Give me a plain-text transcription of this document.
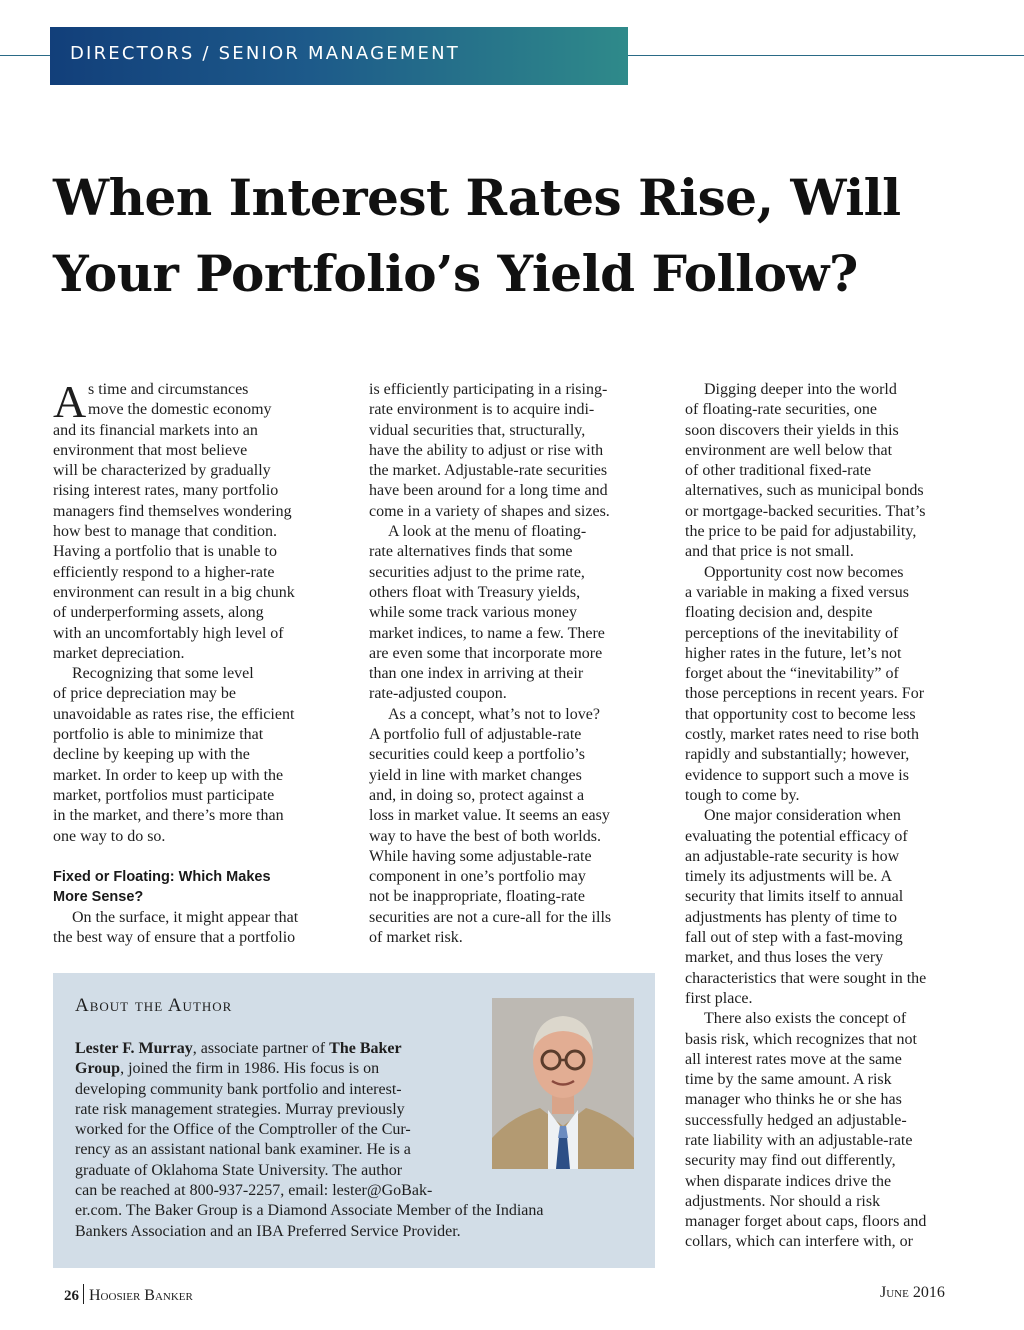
DIRECTORS / SENIOR MANAGEMENT
When Interest Rates Rise, Will
Your Portfolio’s Yield Follow?
A s time and circumstances
move the domestic economy
and its financial markets into an
environment that most believe
will be characterized by gradually
rising interest rates, many portfolio
managers find themselves wondering
how best to manage that condition.
Having a portfolio that is unable to
efficiently respond to a higher-rate
environment can result in a big chunk
of underperforming assets, along
with an uncomfortably high level of
market depreciation.
Recognizing that some level
of price depreciation may be
unavoidable as rates rise, the efficient
portfolio is able to minimize that
decline by keeping up with the
market. In order to keep up with the
market, portfolios must participate
in the market, and there’s more than
one way to do so.
Fixed or Floating: Which Makes
More Sense?
On the surface, it might appear that
the best way of ensure that a portfolio
is efficiently participating in a rising-
rate environment is to acquire indi-
vidual securities that, structurally,
have the ability to adjust or rise with
the market. Adjustable-rate securities
have been around for a long time and
come in a variety of shapes and sizes.
A look at the menu of floating-
rate alternatives finds that some
securities adjust to the prime rate,
others float with Treasury yields,
while some track various money
market indices, to name a few. There
are even some that incorporate more
than one index in arriving at their
rate-adjusted coupon.
As a concept, what’s not to love?
A portfolio full of adjustable-rate
securities could keep a portfolio’s
yield in line with market changes
and, in doing so, protect against a
loss in market value. It seems an easy
way to have the best of both worlds.
While having some adjustable-rate
component in one’s portfolio may
not be inappropriate, floating-rate
securities are not a cure-all for the ills
of market risk.
Digging deeper into the world
of floating-rate securities, one
soon discovers their yields in this
environment are well below that
of other traditional fixed-rate
alternatives, such as municipal bonds
or mortgage-backed securities. That’s
the price to be paid for adjustability,
and that price is not small.
Opportunity cost now becomes
a variable in making a fixed versus
floating decision and, despite
perceptions of the inevitability of
higher rates in the future, let’s not
forget about the “inevitability” of
those perceptions in recent years. For
that opportunity cost to become less
costly, market rates need to rise both
rapidly and substantially; however,
evidence to support such a move is
tough to come by.
One major consideration when
evaluating the potential efficacy of
an adjustable-rate security is how
timely its adjustments will be. A
security that limits itself to annual
adjustments has plenty of time to
fall out of step with a fast-moving
market, and thus loses the very
characteristics that were sought in the
first place.
There also exists the concept of
basis risk, which recognizes that not
all interest rates move at the same
time by the same amount. A risk
manager who thinks he or she has
successfully hedged an adjustable-
rate liability with an adjustable-rate
security may find out differently,
when disparate indices drive the
adjustments. Nor should a risk
manager forget about caps, floors and
collars, which can interfere with, or
About the Author
Lester F. Murray, associate partner of The Baker
Group, joined the firm in 1986. His focus is on
developing community bank portfolio and interest-
rate risk management strategies. Murray previously
worked for the Office of the Comptroller of the Cur-
rency as an assistant national bank examiner. He is a
graduate of Oklahoma State University. The author
can be reached at 800-937-2257, email: lester@GoBak-
er.com. The Baker Group is a Diamond Associate Member of the Indiana
Bankers Association and an IBA Preferred Service Provider.
26 Hoosier Banker	June 2016
